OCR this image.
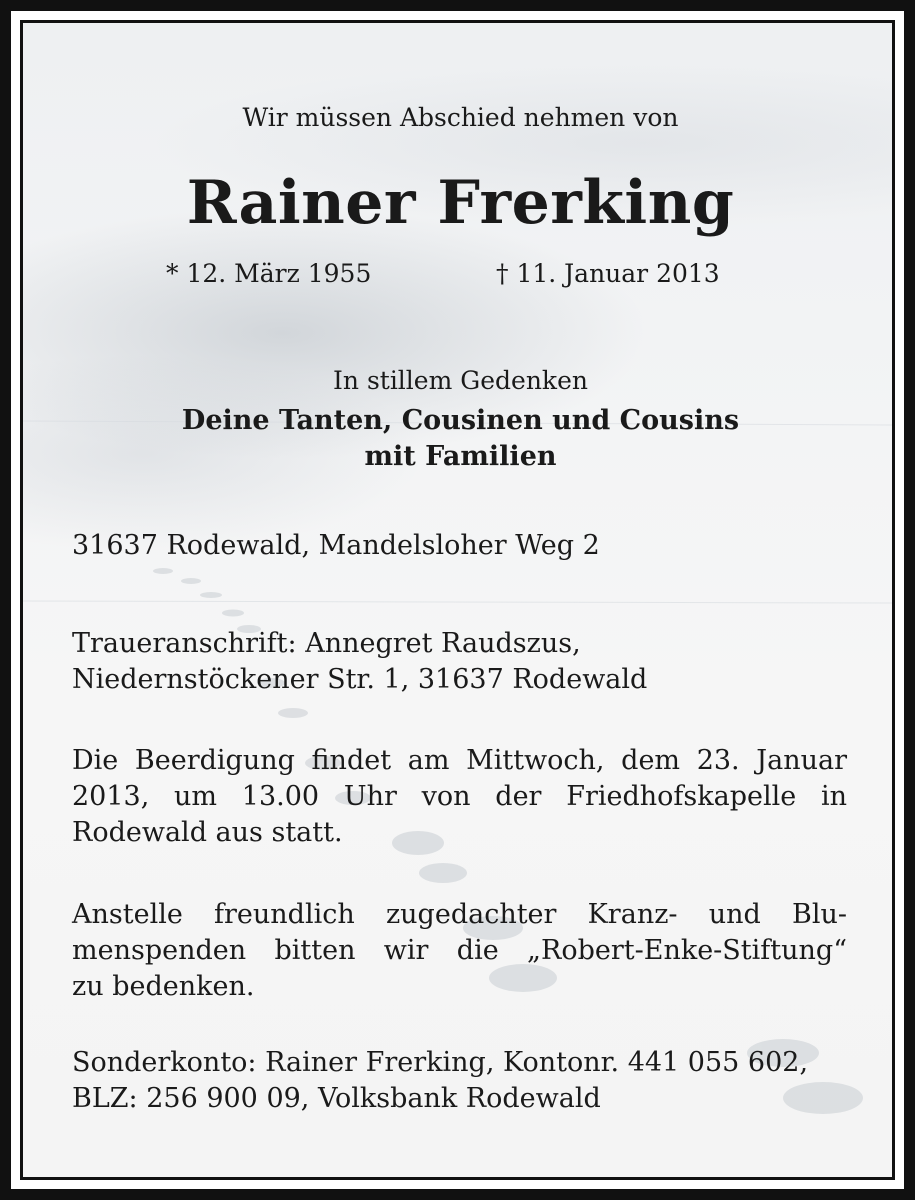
Wir müssen Abschied nehmen von
Rainer Frerking
* 12. März 1955	† 11. Januar 2013
In stillem Gedenken
Deine Tanten, Cousinen und Cousins
mit Familien
31637 Rodewald, Mandelsloher Weg 2
Traueranschrift: Annegret Raudszus,
Niedernstöckener Str. 1, 31637 Rodewald
Die Beerdigung findet am Mittwoch, dem 23. Januar
2013, um 13.00 Uhr von der Friedhofskapelle in
Rodewald aus statt.
Anstelle freundlich zugedachter Kranz- und Blu-
menspenden bitten wir die „Robert-Enke-Stiftung“
zu bedenken.
Sonderkonto: Rainer Frerking, Kontonr. 441 055 602,
BLZ: 256 900 09, Volksbank Rodewald
